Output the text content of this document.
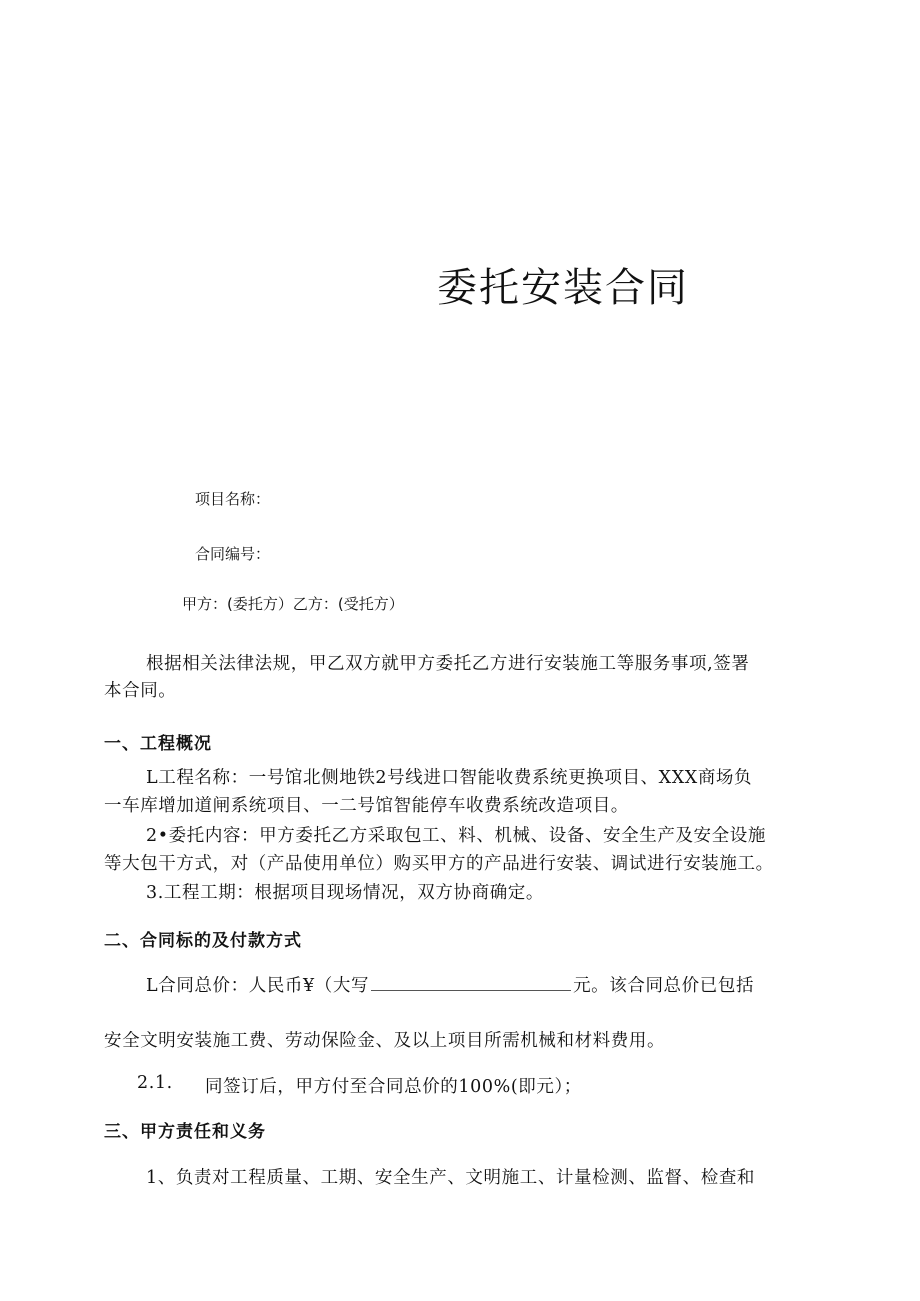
委托安装合同
项目名称：
合同编号：
甲方：(委托方）乙方：(受托方）
根据相关法律法规，甲乙双方就甲方委托乙方进行安装施工等服务事项,签署
本合同。
一、工程概况
L工程名称：一号馆北侧地铁2号线进口智能收费系统更换项目、XXX商场负
一车库增加道闸系统项目、一二号馆智能停车收费系统改造项目。
2•委托内容：甲方委托乙方采取包工、料、机械、设备、安全生产及安全设施
等大包干方式，对（产品使用单位）购买甲方的产品进行安装、调试进行安装施工。
3.工程工期：根据项目现场情况，双方协商确定。
二、合同标的及付款方式
L合同总价：人民币¥（大写	元。该合同总价已包括
安全文明安装施工费、劳动保险金、及以上项目所需机械和材料费用。
2.1. 同签订后，甲方付至合同总价的100%(即元）；
三、甲方责任和义务
1、负责对工程质量、工期、安全生产、文明施工、计量检测、监督、检查和
